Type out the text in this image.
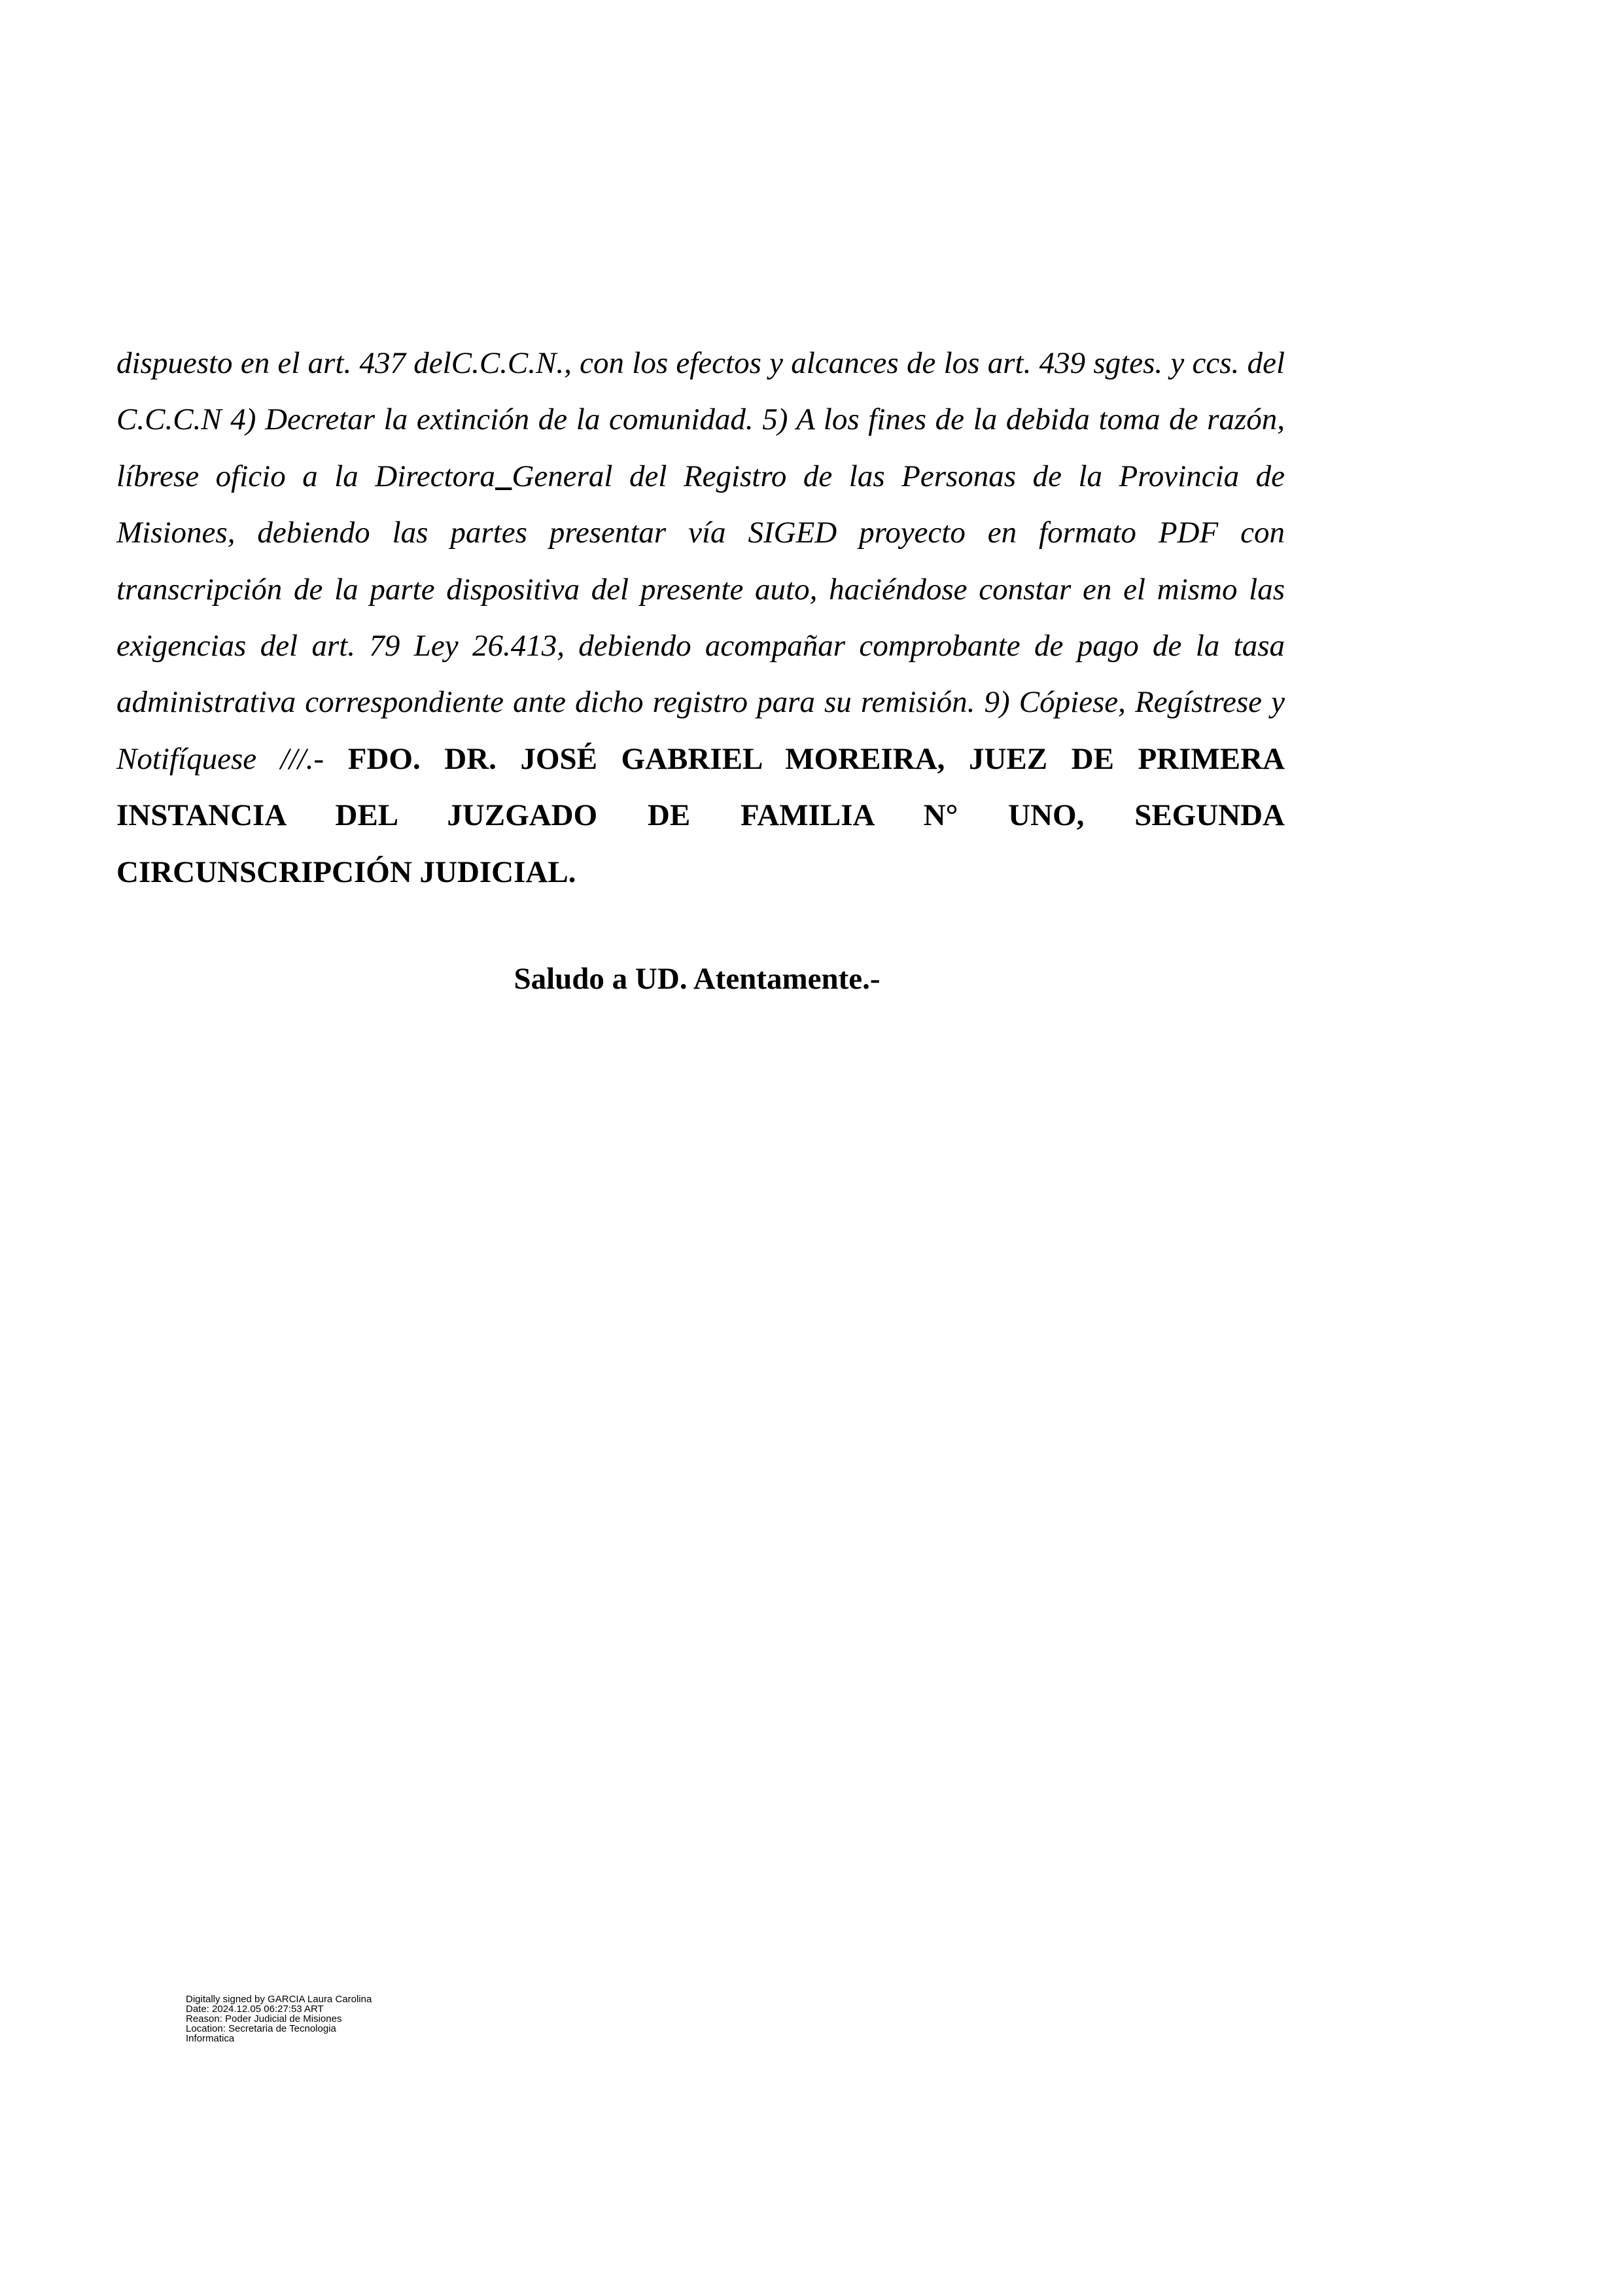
dispuesto en el art. 437 delC.C.C.N., con los efectos y alcances de los art. 439 sgtes. y ccs. del C.C.C.N 4) Decretar la extinción de la comunidad. 5) A los fines de la debida toma de razón, líbrese oficio a la Directora General del Registro de las Personas de la Provincia de Misiones, debiendo las partes presentar vía SIGED proyecto en formato PDF con transcripción de la parte dispositiva del presente auto, haciéndose constar en el mismo las exigencias del art. 79 Ley 26.413, debiendo acompañar comprobante de pago de la tasa administrativa correspondiente ante dicho registro para su remisión. 9) Cópiese, Regístrese y Notifíquese ///.- FDO. DR. JOSÉ GABRIEL MOREIRA, JUEZ DE PRIMERA INSTANCIA DEL JUZGADO DE FAMILIA N° UNO, SEGUNDA CIRCUNSCRIPCIÓN JUDICIAL.

Saludo a UD. Atentamente.-

Digitally signed by GARCIA Laura Carolina
Date: 2024.12.05 06:27:53 ART
Reason: Poder Judicial de Misiones
Location: Secretaria de Tecnologia
Informatica
